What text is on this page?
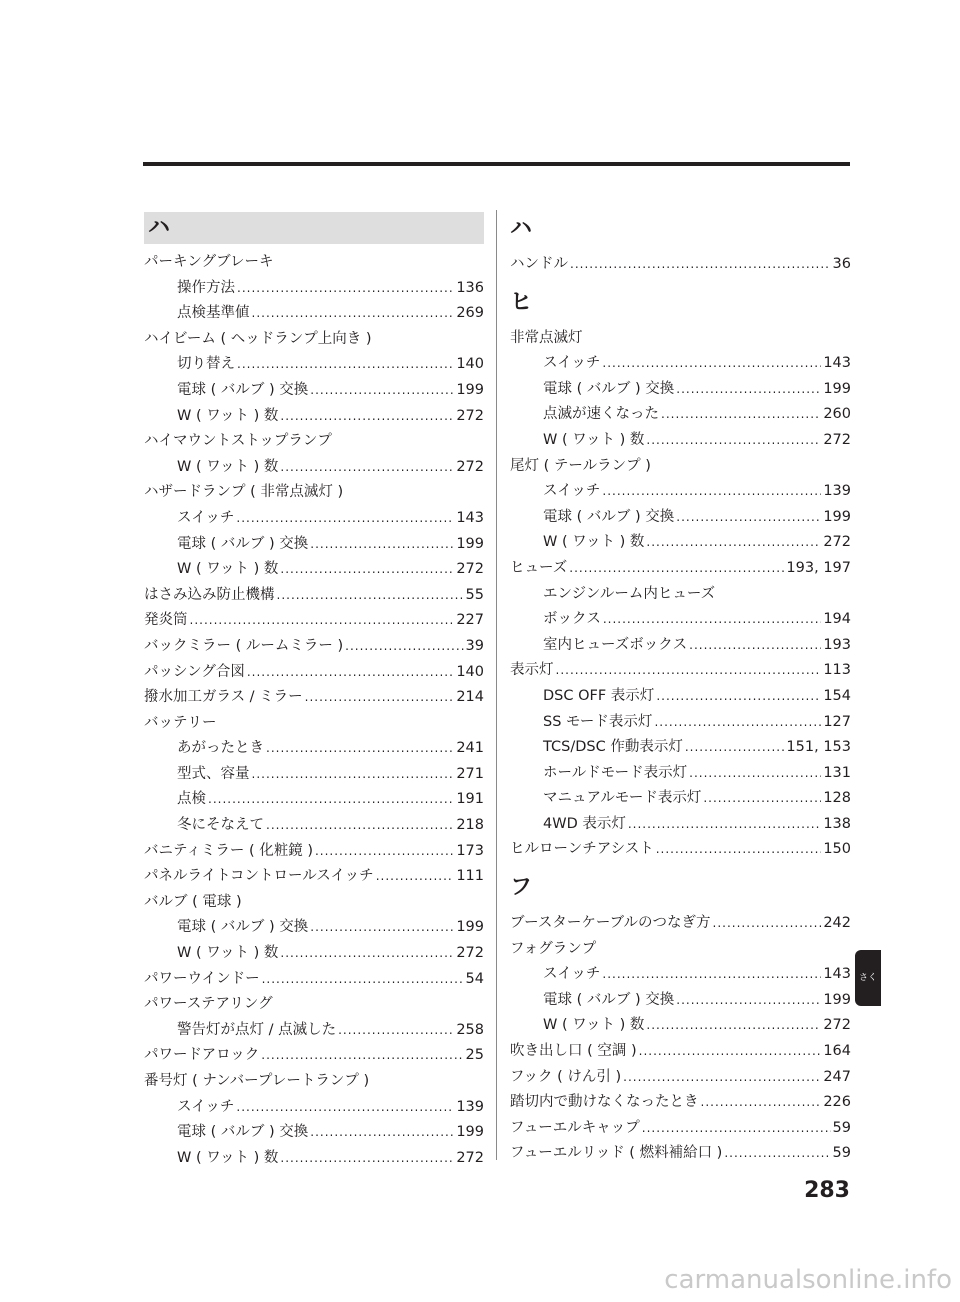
ハ
パーキングブレーキ
操作方法 .....	136
点検基準値 .....	269
ハイビーム ( ヘッドランプ上向き )
切り替え .....	140
電球 ( バルブ ) 交換 .....	199
W ( ワット ) 数 .....	272
ハイマウントストップランプ
W ( ワット ) 数 .....	272
ハザードランプ ( 非常点滅灯 )
スイッチ .....	143
電球 ( バルブ ) 交換 .....	199
W ( ワット ) 数 .....	272
はさみ込み防止機構 .....	55
発炎筒 .....	227
バックミラー ( ルームミラー ) .....	39
パッシング合図 .....	140
撥水加工ガラス / ミラー .....	214
バッテリー
あがったとき .....	241
型式、容量 .....	271
点検 .....	191
冬にそなえて .....	218
バニティミラー ( 化粧鏡 ) .....	173
パネルライトコントロールスイッチ .....	111
バルブ ( 電球 )
電球 ( バルブ ) 交換 .....	199
W ( ワット ) 数 .....	272
パワーウインドー .....	54
パワーステアリング
警告灯が点灯 / 点滅した .....	258
パワードアロック .....	25
番号灯 ( ナンバープレートランプ )
スイッチ .....	139
電球 ( バルブ ) 交換 .....	199
W ( ワット ) 数 .....	272
ハ
ハンドル .....	36
ヒ
非常点滅灯
スイッチ .....	143
電球 ( バルブ ) 交換 .....	199
点滅が速くなった .....	260
W ( ワット ) 数 .....	272
尾灯 ( テールランプ )
スイッチ .....	139
電球 ( バルブ ) 交換 .....	199
W ( ワット ) 数 .....	272
ヒューズ .....	193, 197
エンジンルーム内ヒューズ
ボックス .....	194
室内ヒューズボックス .....	193
表示灯 .....	113
DSC OFF 表示灯 .....	154
SS モード表示灯 .....	127
TCS/DSC 作動表示灯 .....	151, 153
ホールドモード表示灯 .....	131
マニュアルモード表示灯 .....	128
4WD 表示灯 .....	138
ヒルローンチアシスト .....	150
フ
ブースターケーブルのつなぎ方 .....	242
フォグランプ
スイッチ .....	143
電球 ( バルブ ) 交換 .....	199
W ( ワット ) 数 .....	272
吹き出し口 ( 空調 ) .....	164
フック ( けん引 ) .....	247
踏切内で動けなくなったとき .....	226
フューエルキャップ .....	59
フューエルリッド ( 燃料補給口 ) .....	59
さくいん
283
carmanualsonline.info
